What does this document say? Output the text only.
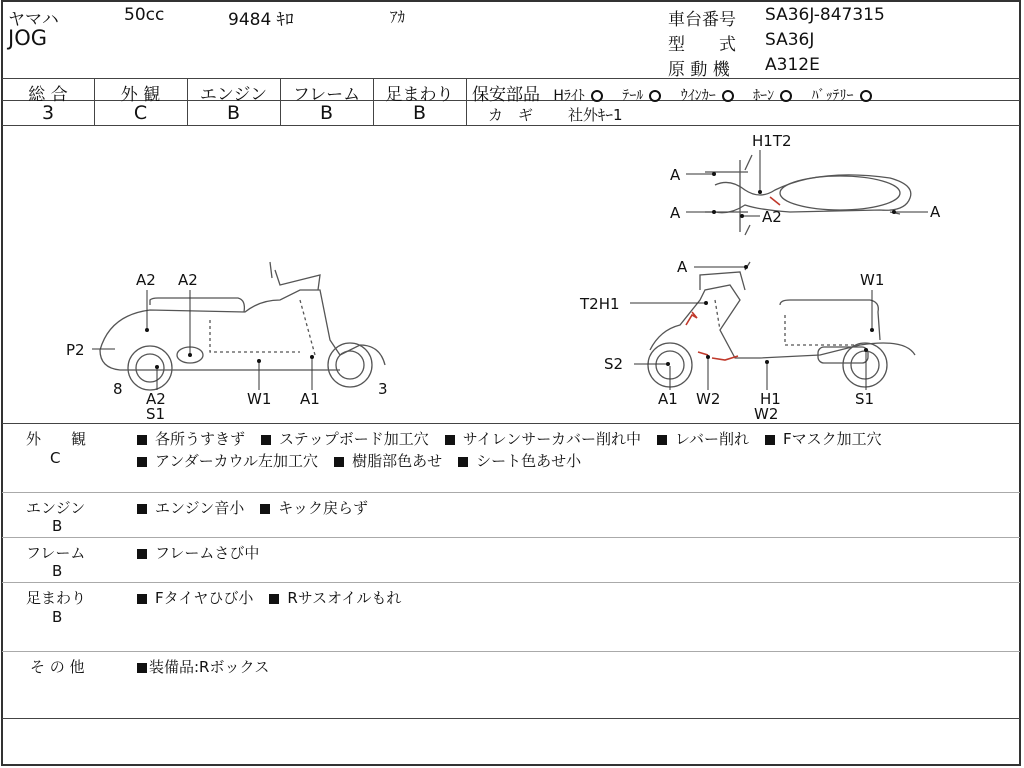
ヤマハ	50cc	9484 ｷﾛ	ｱｶ
JOG
車台番号 SA36J-847315
型　　式 SA36J
原 動 機 A312E
総 合
3
外 観
C
エンジン
B
フレーム
B
足まわり
B
保安部品 Hﾗｲﾄ	ﾃｰﾙ	ｳｲﾝｶｰ	ﾎｰﾝ	ﾊﾞｯﾃﾘｰ
カ　ギ 社外ｷｰ1
H1T2
A
A	A2	A
A2 A2
P2
8
A2
S1
W1 A1
3
A
W1
T2H1
S2
A1 W2	H1
W2
S1
外　　観
C
各所うすきず ステップボード加工穴 サイレンサーカバー削れ中 レバー削れ Fマスク加工穴
アンダーカウル左加工穴 樹脂部色あせ シート色あせ小
エンジン
B
エンジン音小 キック戻らず
フレーム
B
フレームさび中
足まわり
B
Fタイヤひび小 Rサスオイルもれ
そ の 他	装備品:Rボックス
